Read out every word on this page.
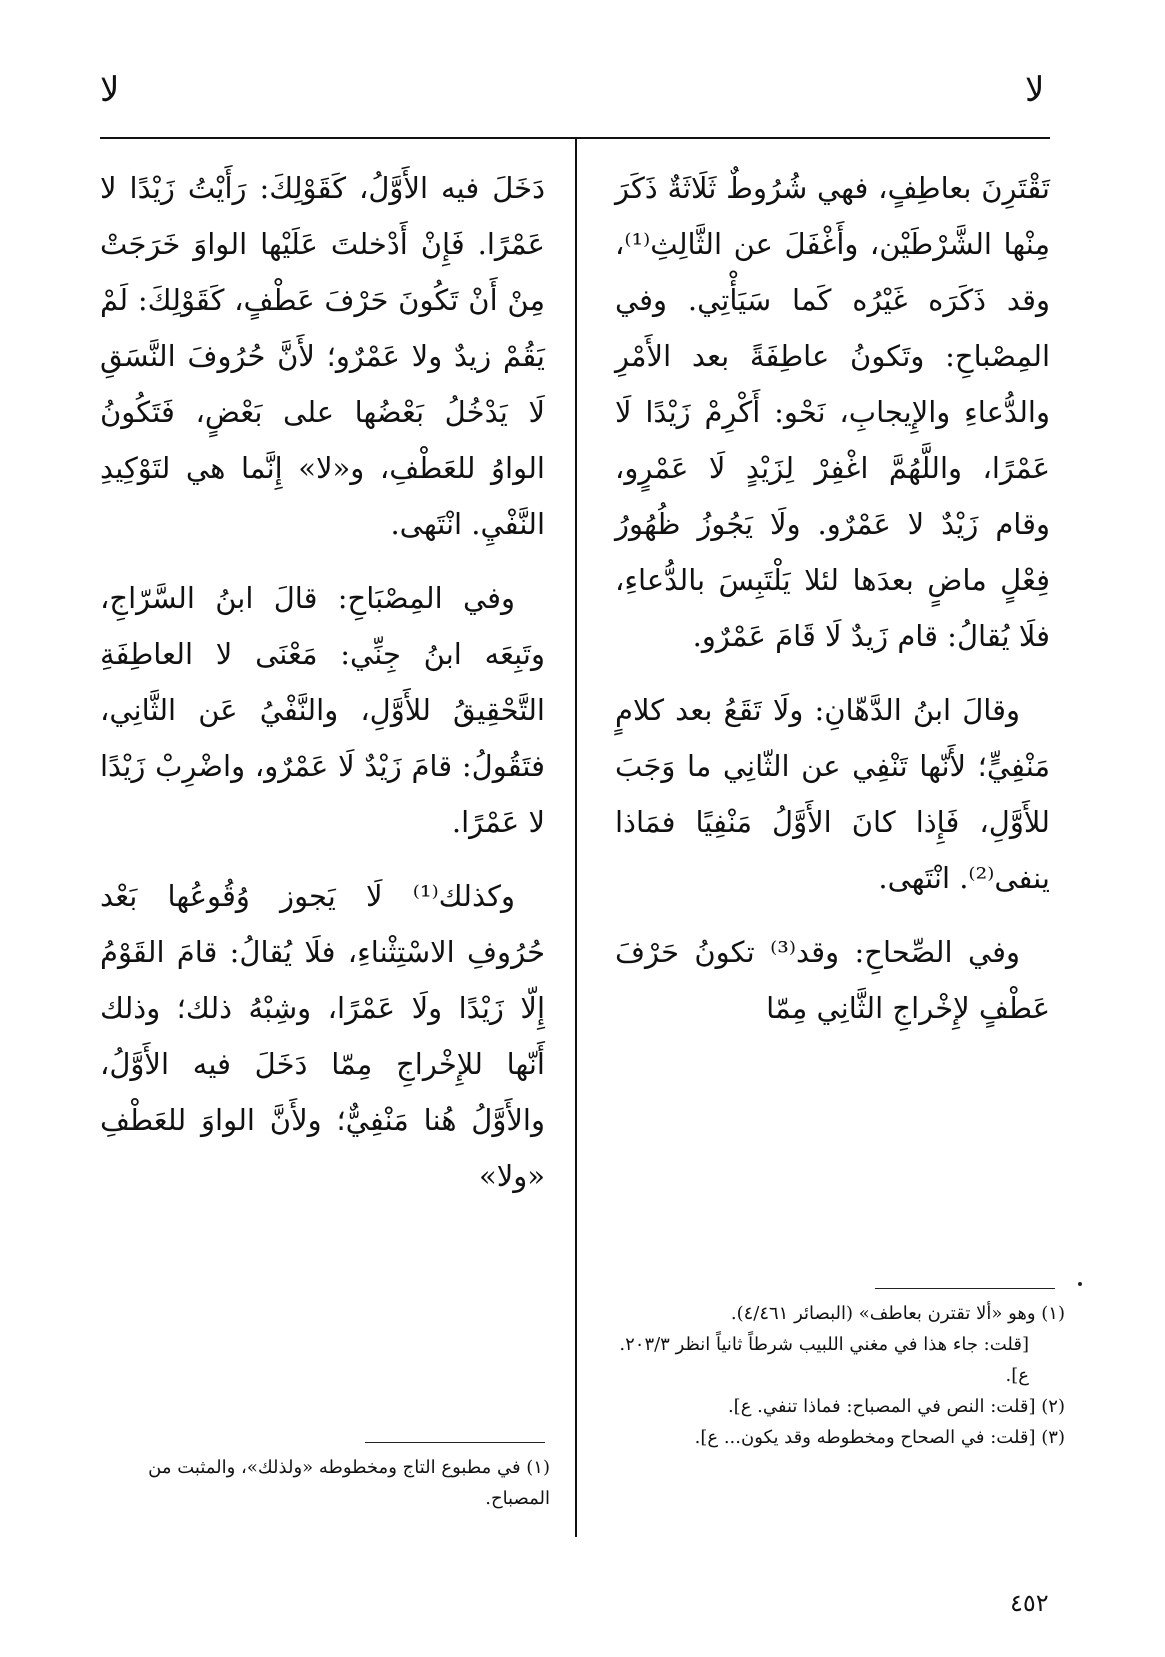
لا
لا

تَقْتَرِنَ بعاطِفٍ، فهي شُرُوطٌ ثَلَاثَةٌ ذَكَرَ مِنْها الشَّرْطَيْن، وأَغْفَلَ عن الثَّالِثِ⁽¹⁾، وقد ذَكَرَه غَيْرُه كَما سَيَأْتِي. وفي المِصْباحِ: وتَكونُ عاطِفَةً بعد الأَمْرِ والدُّعاءِ والإِيجابِ، نَحْو: أَكْرِمْ زَيْدًا لَا عَمْرًا، واللَّهُمَّ اغْفِرْ لِزَيْدٍ لَا عَمْرٍو، وقام زَيْدٌ لا عَمْرٌو. ولَا يَجُوزُ ظُهُورُ فِعْلٍ ماضٍ بعدَها لئلا يَلْتَبِسَ بالدُّعاءِ، فلَا يُقالُ: قام زَيدٌ لَا قَامَ عَمْرٌو.

وقالَ ابنُ الدَّهّانِ: ولَا تَقَعُ بعد كلامٍ مَنْفِيٍّ؛ لأَنّها تَنْفِي عن الثّانِي ما وَجَبَ للأَوَّلِ، فَإِذا كانَ الأَوَّلُ مَنْفِيًا فمَاذا ينفى⁽²⁾. انْتَهى.

وفي الصِّحاحِ: وقد⁽³⁾ تكونُ حَرْفَ عَطْفٍ لإِخْراجِ الثَّانِي مِمّا

دَخَلَ فيه الأَوَّلُ، كَقَوْلِكَ: رَأَيْتُ زَيْدًا لا عَمْرًا. فَإِنْ أَدْخلتَ عَلَيْها الواوَ خَرَجَتْ مِنْ أَنْ تَكُونَ حَرْفَ عَطْفٍ، كَقَوْلِكَ: لَمْ يَقُمْ زيدٌ ولا عَمْرٌو؛ لأَنَّ حُرُوفَ النَّسَقِ لَا يَدْخُلُ بَعْضُها على بَعْضٍ، فَتَكُونُ الواوُ للعَطْفِ، و«لا» إِنَّما هي لتَوْكِيدِ النَّفْيِ. انْتَهى.

وفي المِصْبَاحِ: قالَ ابنُ السَّرّاجِ، وتَبِعَه ابنُ جِنِّي: مَعْنَى لا العاطِفَةِ التَّحْقِيقُ للأَوَّلِ، والنَّفْيُ عَن الثَّانِي، فتَقُولُ: قامَ زَيْدٌ لَا عَمْرٌو، واضْرِبْ زَيْدًا لا عَمْرًا.

وكذلك⁽¹⁾ لَا يَجوز وُقُوعُها بَعْد حُرُوفِ الاسْتِثْناءِ، فلَا يُقالُ: قامَ القَوْمُ إِلّا زَيْدًا ولَا عَمْرًا، وشِبْهُ ذلك؛ وذلك أَنّها للإِخْراجِ مِمّا دَخَلَ فيه الأَوَّلُ، والأَوَّلُ هُنا مَنْفِيٌّ؛ ولأَنَّ الواوَ للعَطْفِ «ولا»

(١) وهو «ألا تقترن بعاطف» (البصائر ٤/٤٦١).

[قلت: جاء هذا في مغني اللبيب شرطاً ثانياً انظر ٢٠٣/٣. ع].

(٢) [قلت: النص في المصباح: فماذا تنفي. ع].

(٣) [قلت: في الصحاح ومخطوطه وقد يكون... ع].

(١) في مطبوع التاج ومخطوطه «ولذلك»، والمثبت من المصباح.

٤٥٢
